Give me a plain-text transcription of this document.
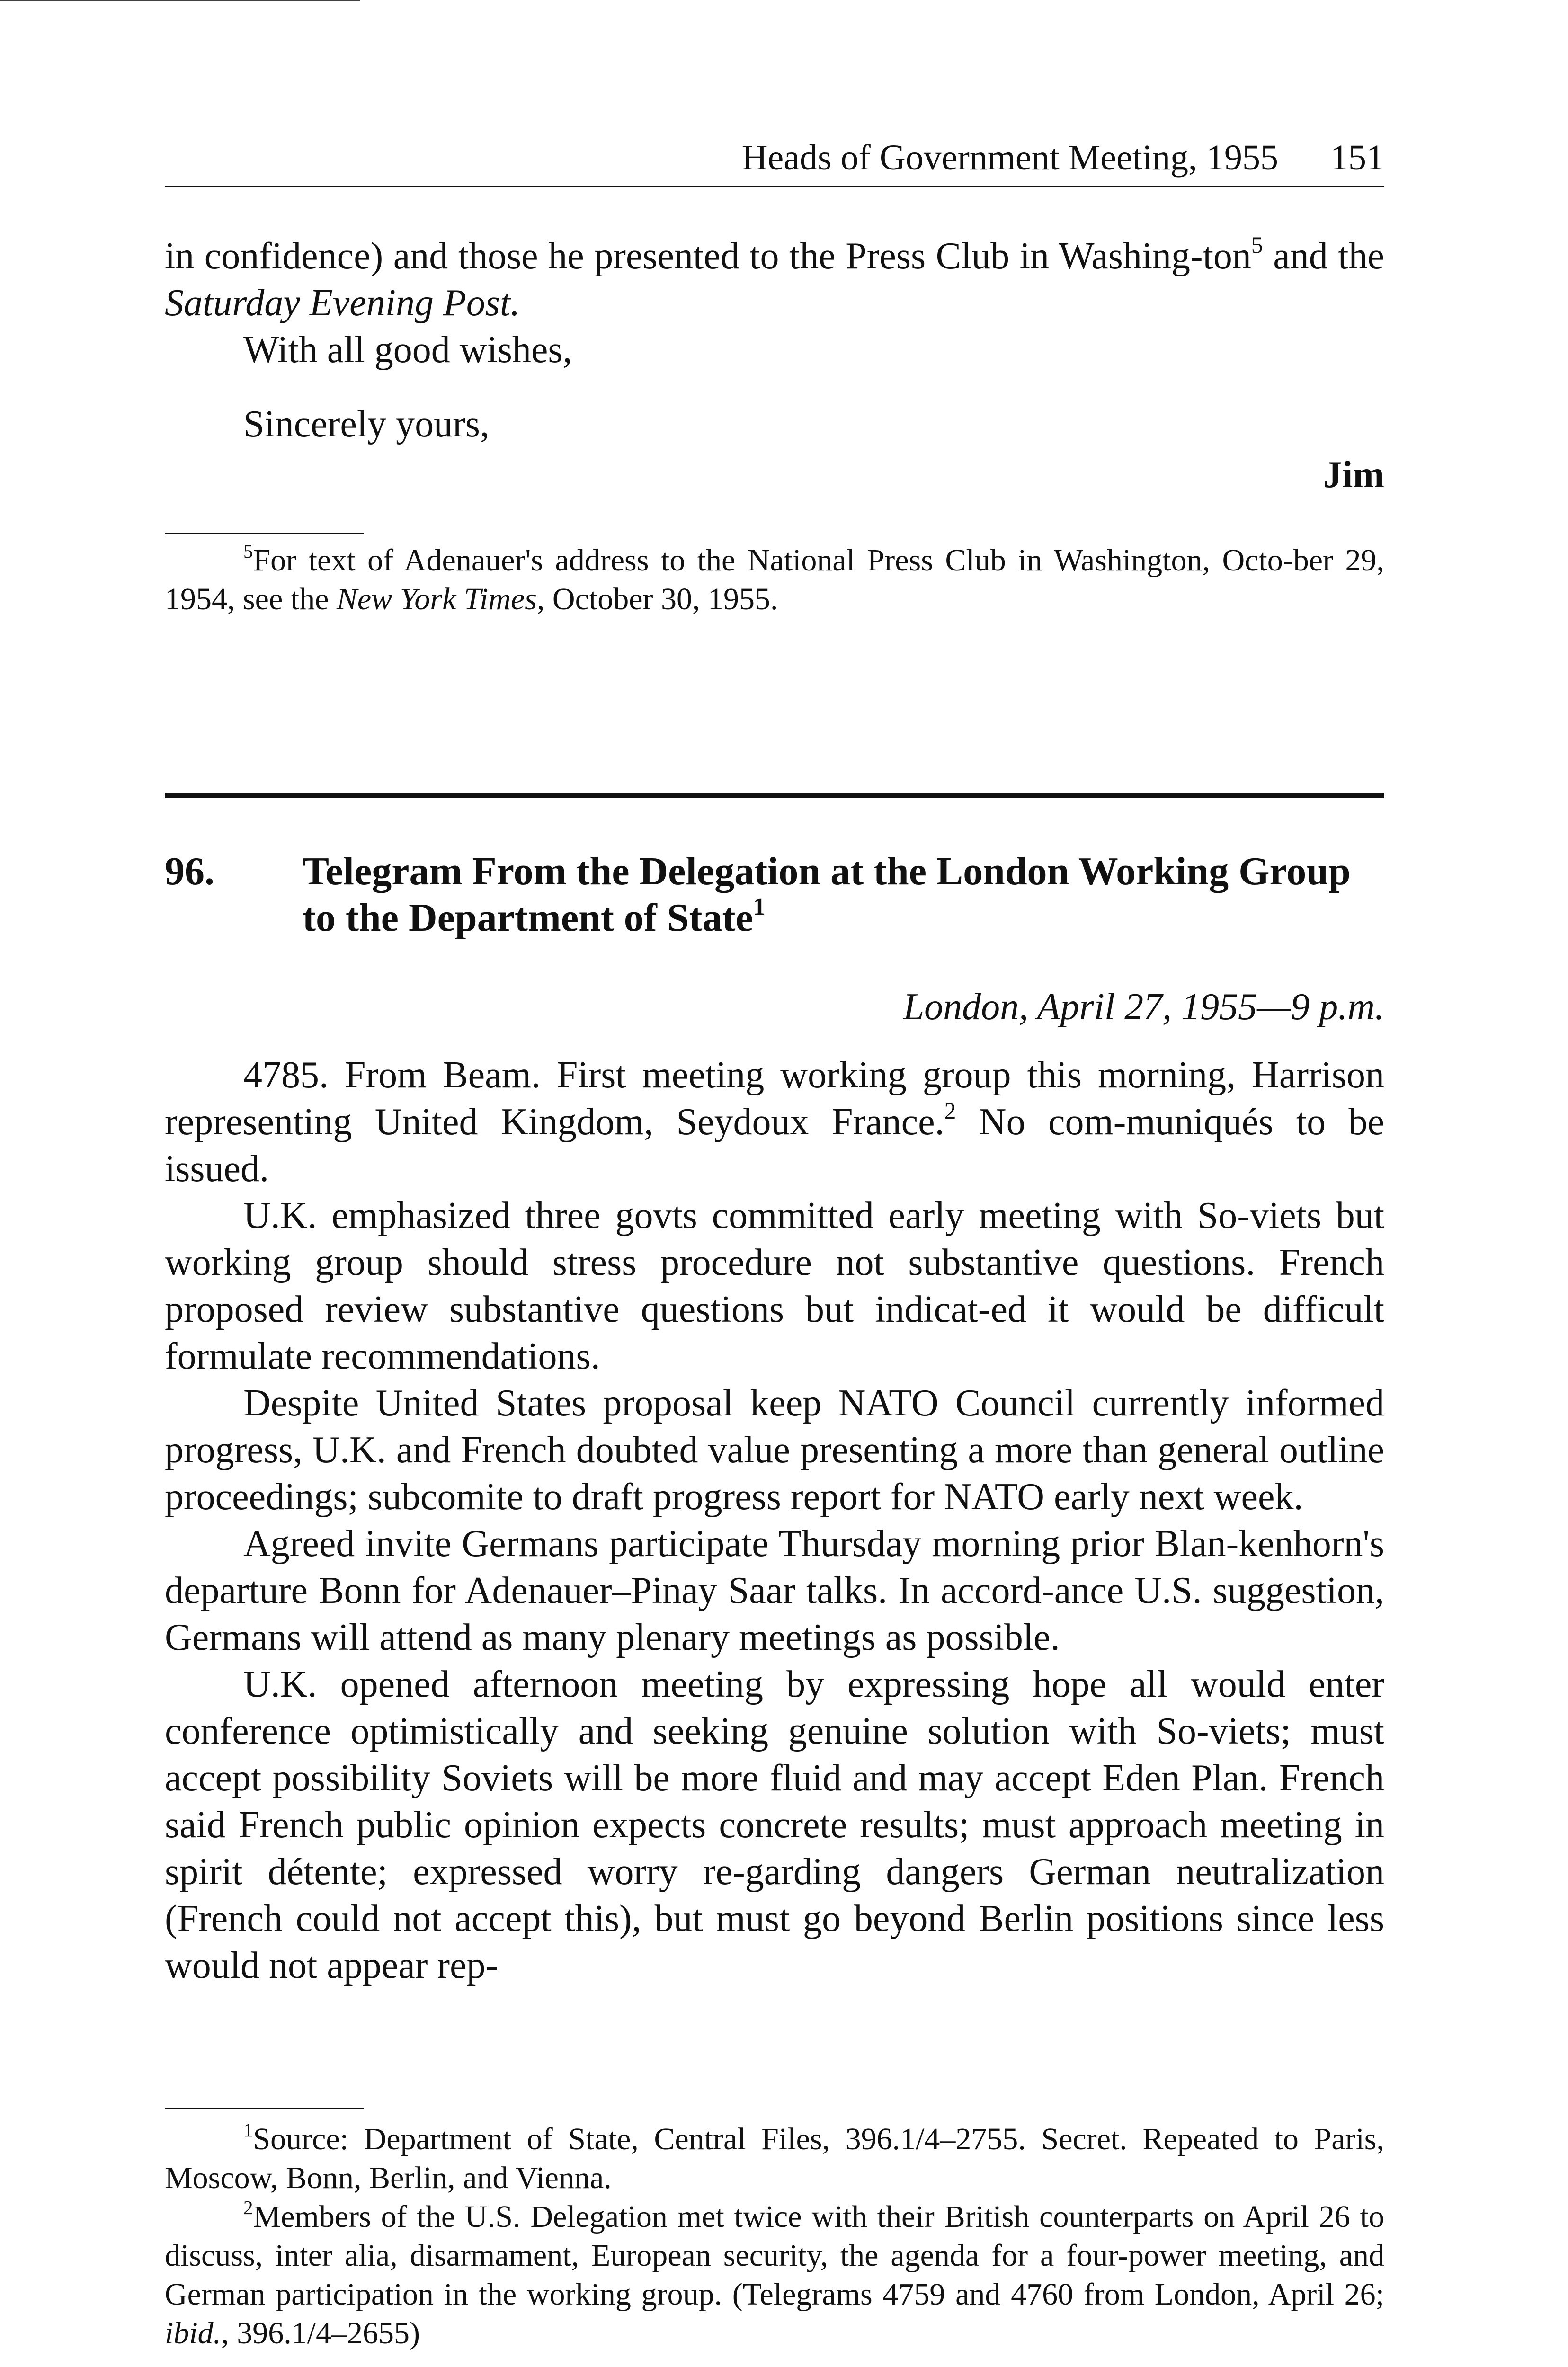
Heads of Government Meeting, 1955 151

in confidence) and those he presented to the Press Club in Washing-ton$^5$ and the Saturday Evening Post.

With all good wishes,

Sincerely yours,

Jim

$^5$For text of Adenauer's address to the National Press Club in Washington, Octo-ber 29, 1954, see the New York Times, October 30, 1955.

96. Telegram From the Delegation at the London Working Group to the Department of State$^1$
London, April 27, 1955—9 p.m.

4785. From Beam. First meeting working group this morning, Harrison representing United Kingdom, Seydoux France.$^2$ No com-muniqués to be issued.

U.K. emphasized three govts committed early meeting with So-viets but working group should stress procedure not substantive questions. French proposed review substantive questions but indicat-ed it would be difficult formulate recommendations.

Despite United States proposal keep NATO Council currently informed progress, U.K. and French doubted value presenting a more than general outline proceedings; subcomite to draft progress report for NATO early next week.

Agreed invite Germans participate Thursday morning prior Blan-kenhorn's departure Bonn for Adenauer–Pinay Saar talks. In accord-ance U.S. suggestion, Germans will attend as many plenary meetings as possible.

U.K. opened afternoon meeting by expressing hope all would enter conference optimistically and seeking genuine solution with So-viets; must accept possibility Soviets will be more fluid and may accept Eden Plan. French said French public opinion expects concrete results; must approach meeting in spirit détente; expressed worry re-garding dangers German neutralization (French could not accept this), but must go beyond Berlin positions since less would not appear rep-

$^1$Source: Department of State, Central Files, 396.1/4–2755. Secret. Repeated to Paris, Moscow, Bonn, Berlin, and Vienna.

$^2$Members of the U.S. Delegation met twice with their British counterparts on April 26 to discuss, inter alia, disarmament, European security, the agenda for a four-power meeting, and German participation in the working group. (Telegrams 4759 and 4760 from London, April 26; ibid., 396.1/4–2655)
